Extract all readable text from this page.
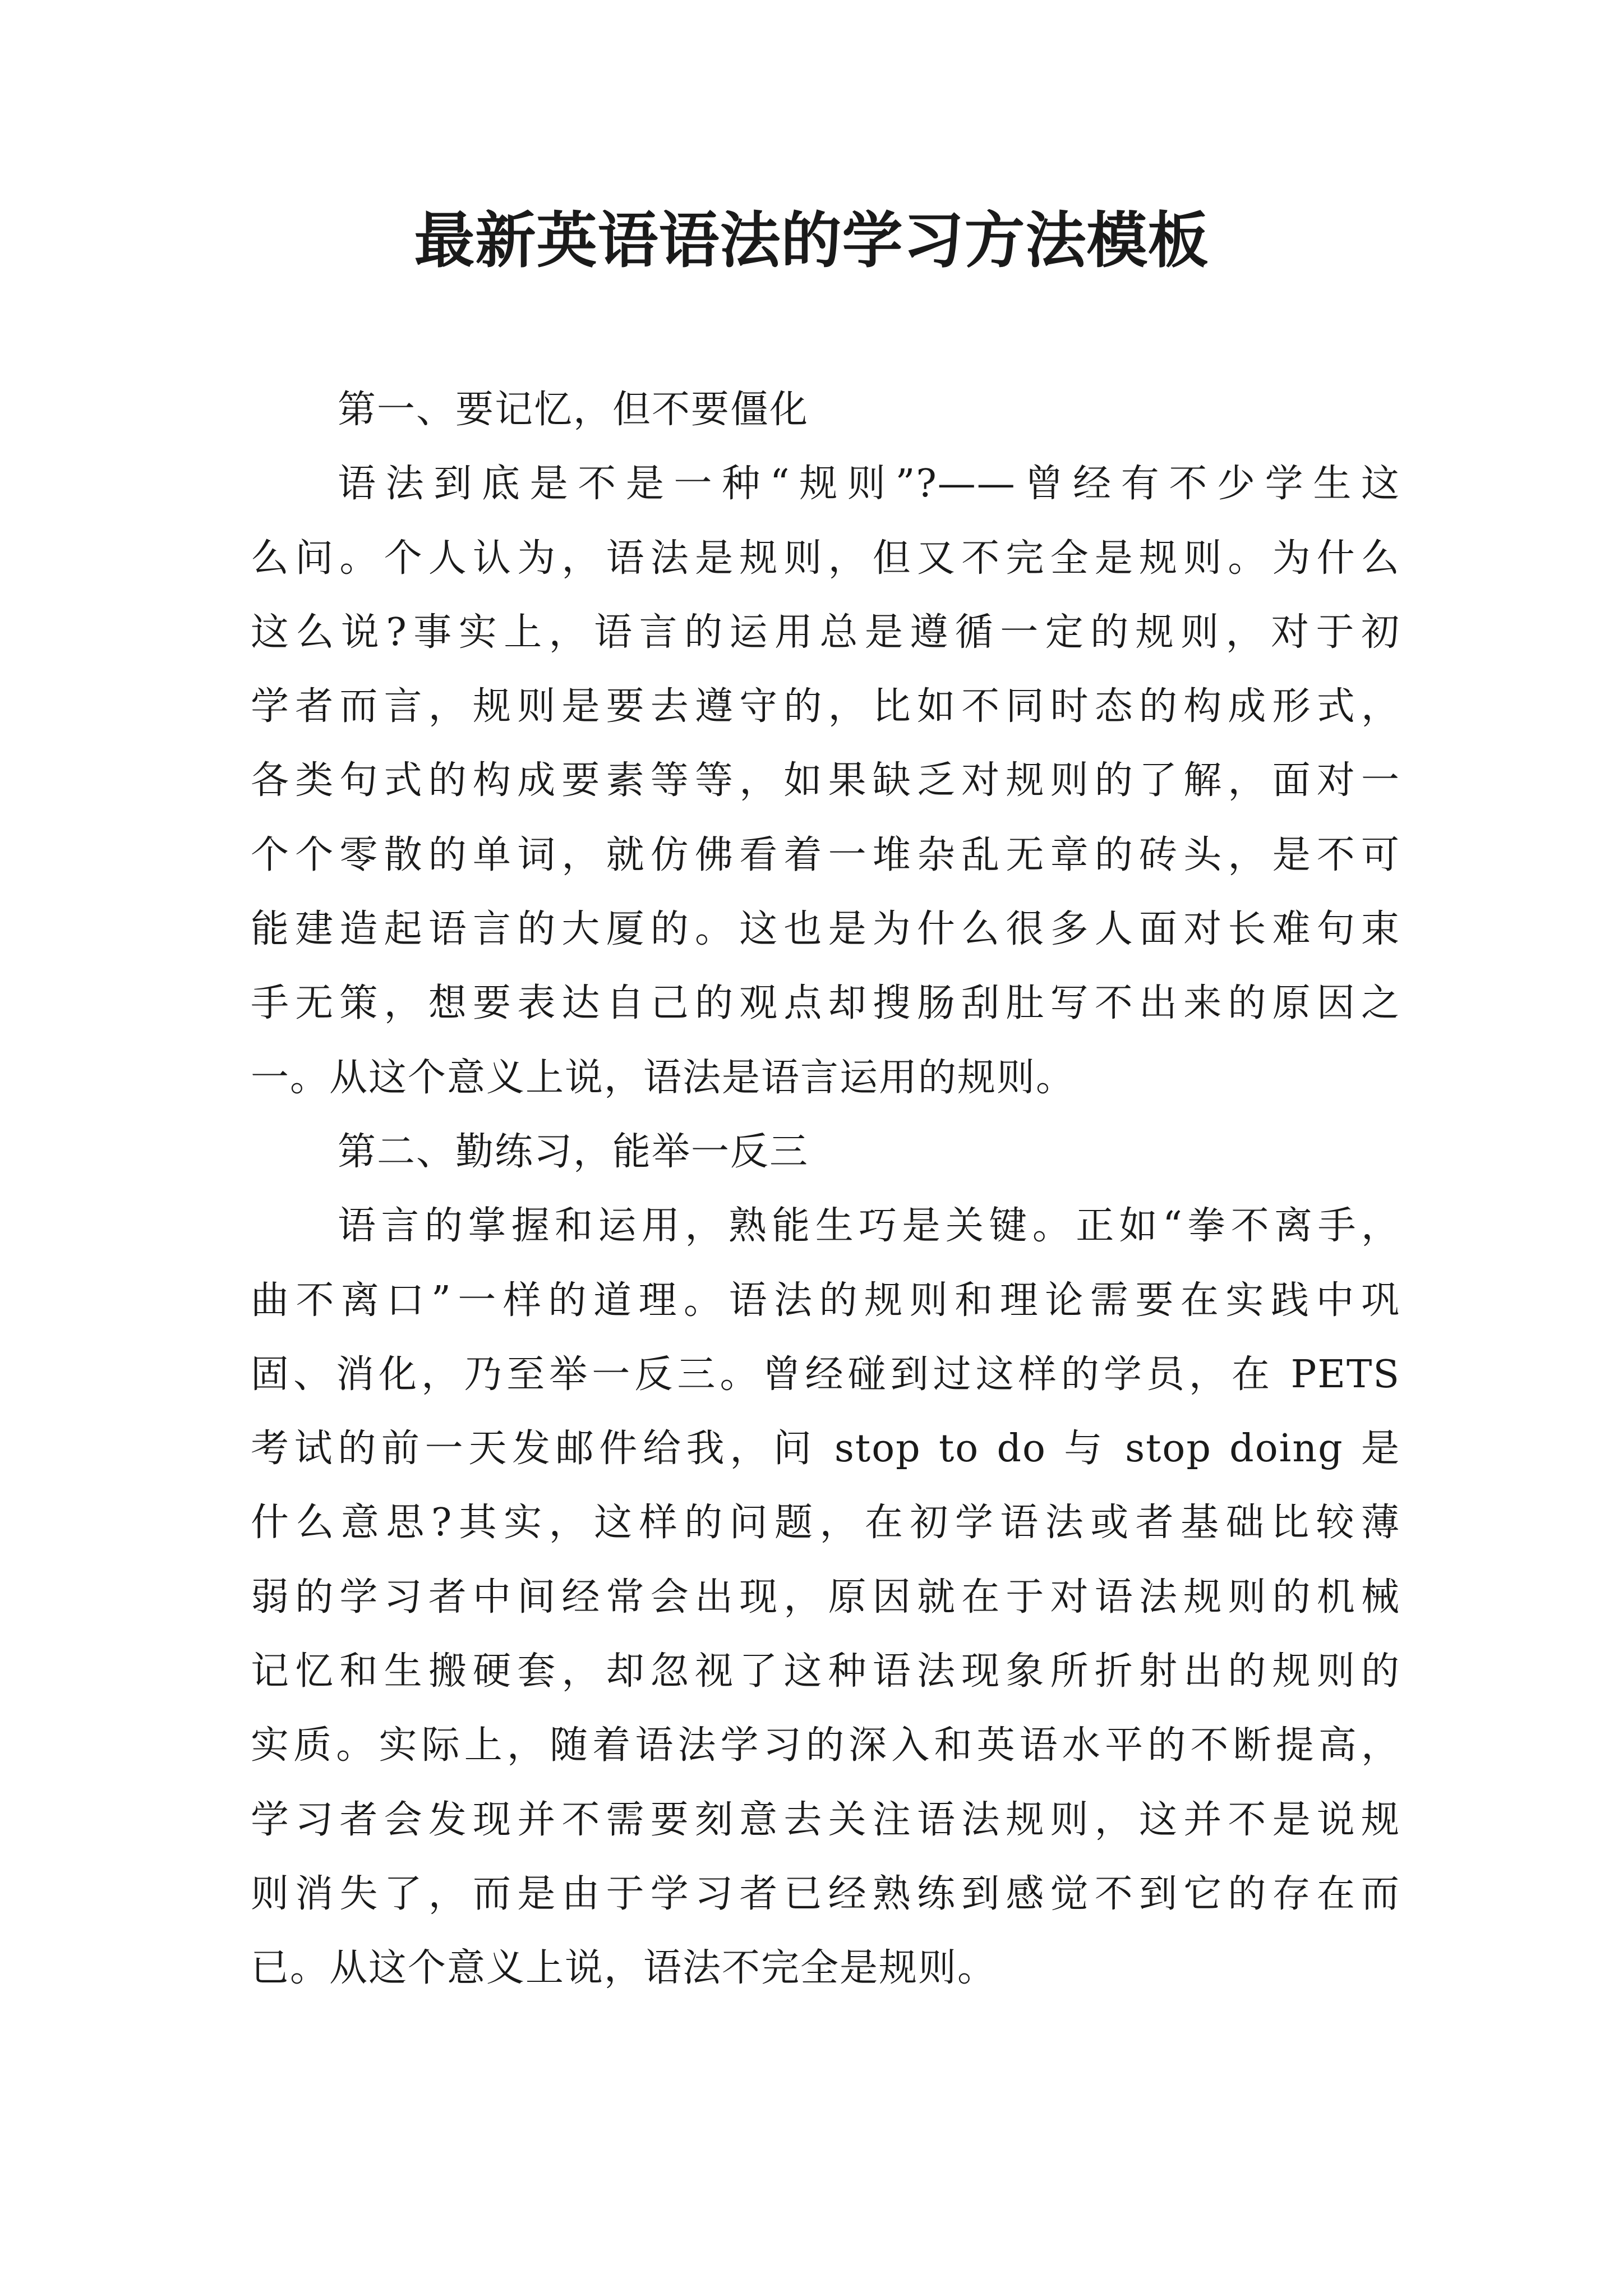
最新英语语法的学习方法模板
第一、要记忆，但不要僵化
语法到底是不是一种“规则”?——曾经有不少学生这
么问。个人认为，语法是规则，但又不完全是规则。为什么
这么说?事实上，语言的运用总是遵循一定的规则，对于初
学者而言，规则是要去遵守的，比如不同时态的构成形式，
各类句式的构成要素等等，如果缺乏对规则的了解，面对一
个个零散的单词，就仿佛看着一堆杂乱无章的砖头，是不可
能建造起语言的大厦的。这也是为什么很多人面对长难句束
手无策，想要表达自己的观点却搜肠刮肚写不出来的原因之
一。从这个意义上说，语法是语言运用的规则。
第二、勤练习，能举一反三
语言的掌握和运用，熟能生巧是关键。正如“拳不离手，
曲不离口”一样的道理。语法的规则和理论需要在实践中巩
固、消化，乃至举一反三。曾经碰到过这样的学员，在 PETS
考试的前一天发邮件给我，问 stop to do 与 stop doing 是
什么意思?其实，这样的问题，在初学语法或者基础比较薄
弱的学习者中间经常会出现，原因就在于对语法规则的机械
记忆和生搬硬套，却忽视了这种语法现象所折射出的规则的
实质。实际上，随着语法学习的深入和英语水平的不断提高，
学习者会发现并不需要刻意去关注语法规则，这并不是说规
则消失了，而是由于学习者已经熟练到感觉不到它的存在而
已。从这个意义上说，语法不完全是规则。
